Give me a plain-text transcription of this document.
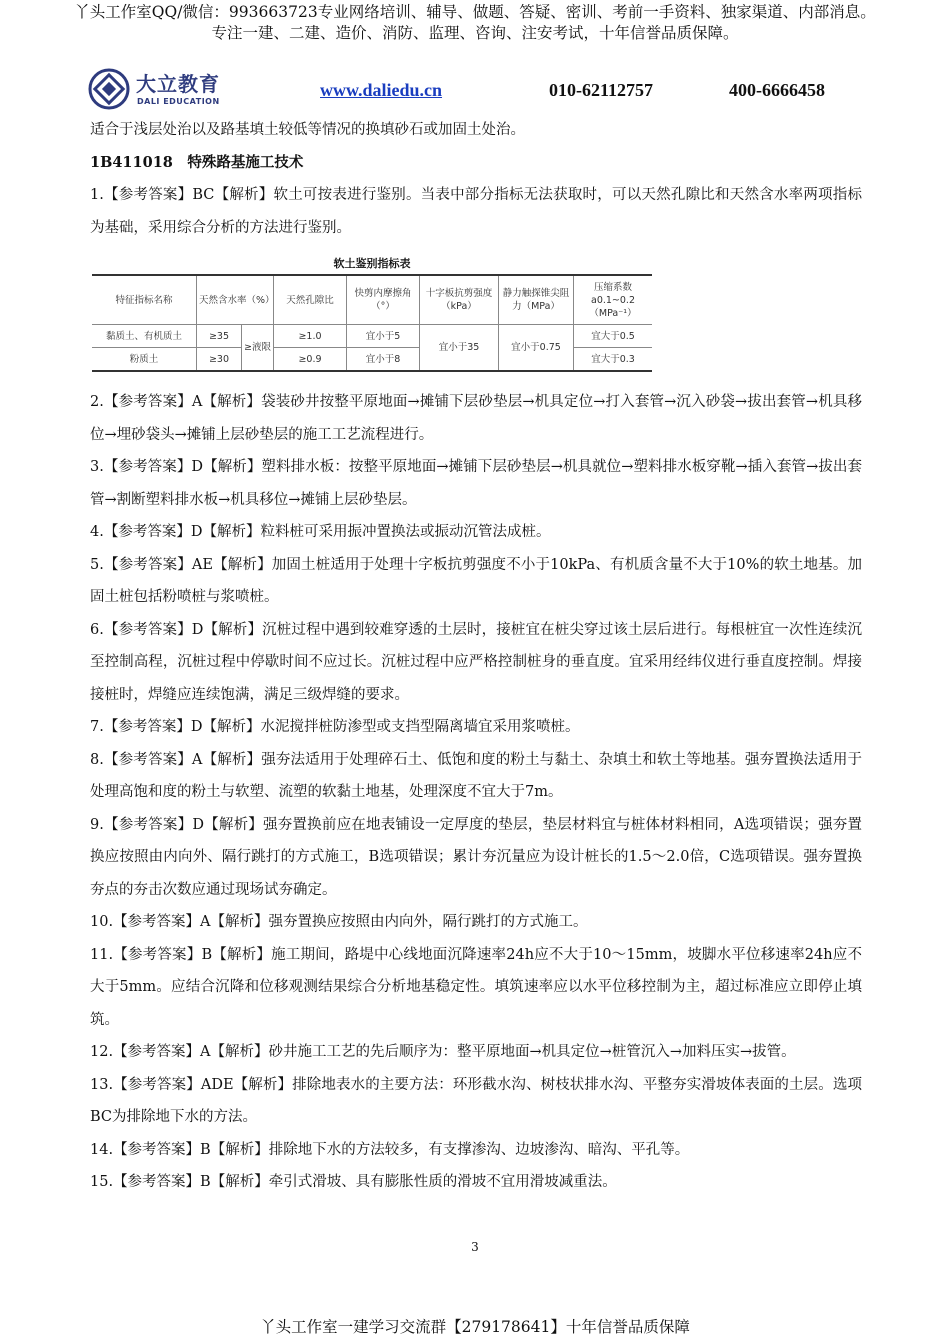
丫头工作室QQ/微信：993663723专业网络培训、辅导、做题、答疑、密训、考前一手资料、独家渠道、内部消息。
专注一建、二建、造价、消防、监理、咨询、注安考试，十年信誉品质保障。
大立教育
DALI EDUCATION
www.daliedu.cn	010-62112757	400-6666458

适合于浅层处治以及路基填土较低等情况的换填砂石或加固土处治。

1B411018　特殊路基施工技术

1.【参考答案】BC【解析】软土可按表进行鉴别。当表中部分指标无法获取时，可以天然孔隙比和天然含水率两项指标为基础，采用综合分析的方法进行鉴别。

软土鉴别指标表
特征指标名称	天然含水率（%）		天然孔隙比	快剪内摩擦角（°）	十字板抗剪强度（kPa）	静力触探锥尖阻力（MPa）	压缩系数a0.1~0.2（MPa⁻¹）
黏质土、有机质土	≥35	≥液限	≥1.0	宜小于5	宜小于35	宜小于0.75	宜大于0.5
粉质土	≥30		≥0.9	宜小于8			宜大于0.3

2.【参考答案】A【解析】袋装砂井按整平原地面→摊铺下层砂垫层→机具定位→打入套管→沉入砂袋→拔出套管→机具移位→埋砂袋头→摊铺上层砂垫层的施工工艺流程进行。

3.【参考答案】D【解析】塑料排水板：按整平原地面→摊铺下层砂垫层→机具就位→塑料排水板穿靴→插入套管→拔出套管→割断塑料排水板→机具移位→摊铺上层砂垫层。

4.【参考答案】D【解析】粒料桩可采用振冲置换法或振动沉管法成桩。

5.【参考答案】AE【解析】加固土桩适用于处理十字板抗剪强度不小于10kPa、有机质含量不大于10%的软土地基。加固土桩包括粉喷桩与浆喷桩。

6.【参考答案】D【解析】沉桩过程中遇到较难穿透的土层时，接桩宜在桩尖穿过该土层后进行。每根桩宜一次性连续沉至控制高程，沉桩过程中停歇时间不应过长。沉桩过程中应严格控制桩身的垂直度。宜采用经纬仪进行垂直度控制。焊接接桩时，焊缝应连续饱满，满足三级焊缝的要求。

7.【参考答案】D【解析】水泥搅拌桩防渗型或支挡型隔离墙宜采用浆喷桩。

8.【参考答案】A【解析】强夯法适用于处理碎石土、低饱和度的粉土与黏土、杂填土和软土等地基。强夯置换法适用于处理高饱和度的粉土与软塑、流塑的软黏土地基，处理深度不宜大于7m。

9.【参考答案】D【解析】强夯置换前应在地表铺设一定厚度的垫层，垫层材料宜与桩体材料相同，A选项错误；强夯置换应按照由内向外、隔行跳打的方式施工，B选项错误；累计夯沉量应为设计桩长的1.5～2.0倍，C选项错误。强夯置换夯点的夯击次数应通过现场试夯确定。

10.【参考答案】A【解析】强夯置换应按照由内向外，隔行跳打的方式施工。

11.【参考答案】B【解析】施工期间，路堤中心线地面沉降速率24h应不大于10～15mm，坡脚水平位移速率24h应不大于5mm。应结合沉降和位移观测结果综合分析地基稳定性。填筑速率应以水平位移控制为主，超过标准应立即停止填筑。

12.【参考答案】A【解析】砂井施工工艺的先后顺序为：整平原地面→机具定位→桩管沉入→加料压实→拔管。

13.【参考答案】ADE【解析】排除地表水的主要方法：环形截水沟、树枝状排水沟、平整夯实滑坡体表面的土层。选项BC为排除地下水的方法。

14.【参考答案】B【解析】排除地下水的方法较多，有支撑渗沟、边坡渗沟、暗沟、平孔等。

15.【参考答案】B【解析】牵引式滑坡、具有膨胀性质的滑坡不宜用滑坡减重法。

3
丫头工作室一建学习交流群【279178641】十年信誉品质保障
